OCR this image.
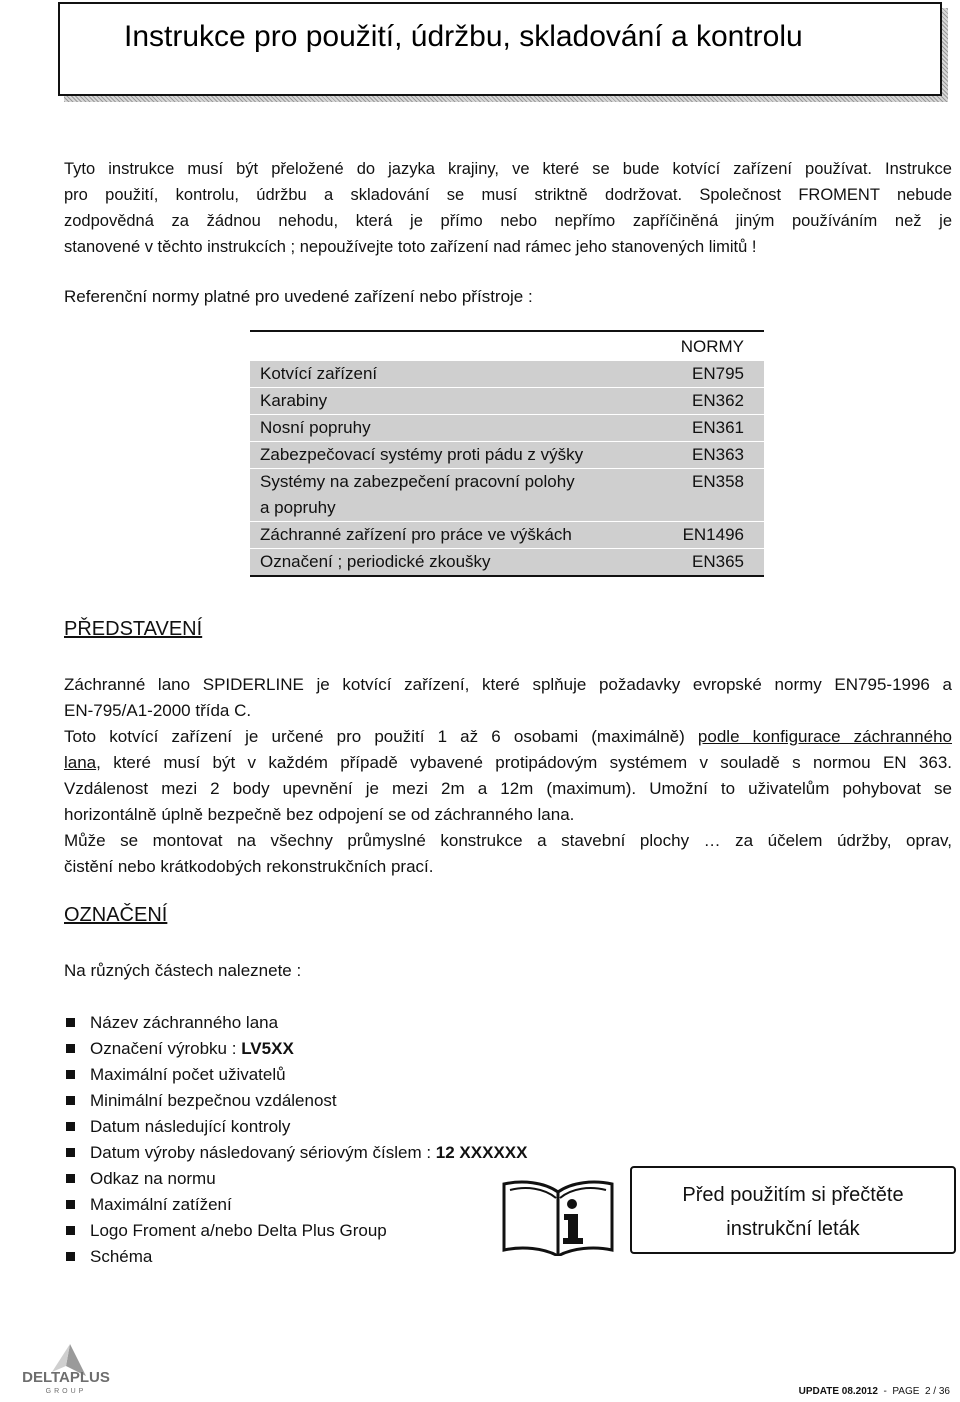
Instrukce pro použití, údržbu, skladování a kontrolu

Tyto instrukce musí být přeložené do jazyka krajiny, ve které se bude kotvící zařízení používat. Instrukce
pro použití, kontrolu, údržbu a skladování se musí striktně dodržovat. Společnost FROMENT nebude
zodpovědná za žádnou nehodu, která je přímo nebo nepřímo zapříčiněná jiným používáním než je
stanovené v těchto instrukcích ; nepoužívejte toto zařízení nad rámec jeho stanovených limitů !

Referenční normy platné pro uvedené zařízení nebo přístroje :

	NORMY
Kotvící zařízení	EN795
Karabiny	EN362
Nosní popruhy	EN361
Zabezpečovací systémy proti pádu z výšky	EN363
Systémy na zabezpečení pracovní polohy
a popruhy	EN358
Záchranné zařízení pro práce ve výškách	EN1496
Označení ; periodické zkoušky	EN365
PŘEDSTAVENÍ

Záchranné lano SPIDERLINE je kotvící zařízení, které splňuje požadavky evropské normy EN795-1996 a
EN-795/A1-2000 třída C.
Toto kotvící zařízení je určené pro použití 1 až 6 osobami (maximálně) podle konfigurace záchranného
lana, které musí být v každém případě vybavené protipádovým systémem v souladě s normou EN 363.
Vzdálenost mezi 2 body upevnění je mezi 2m a 12m (maximum). Umožní to uživatelům pohybovat se
horizontálně úplně bezpečně bez odpojení se od záchranného lana.
Může se montovat na všechny průmyslné konstrukce a stavební plochy … za účelem údržby, oprav,
čistění nebo krátkodobých rekonstrukčních prací.

OZNAČENÍ

Na různých částech naleznete :

Název záchranného lana
Označení výrobku : LV5XX
Maximální počet uživatelů
Minimální bezpečnou vzdálenost
Datum následující kontroly
Datum výroby následovaný sériovým číslem : 12 XXXXXX
Odkaz na normu
Maximální zatížení
Logo Froment a/nebo Delta Plus Group
Schéma
Před použitím si přečtěte
instrukční leták
DELTAPLUS
GROUP	UPDATE 08.2012  -  PAGE  2 / 36
